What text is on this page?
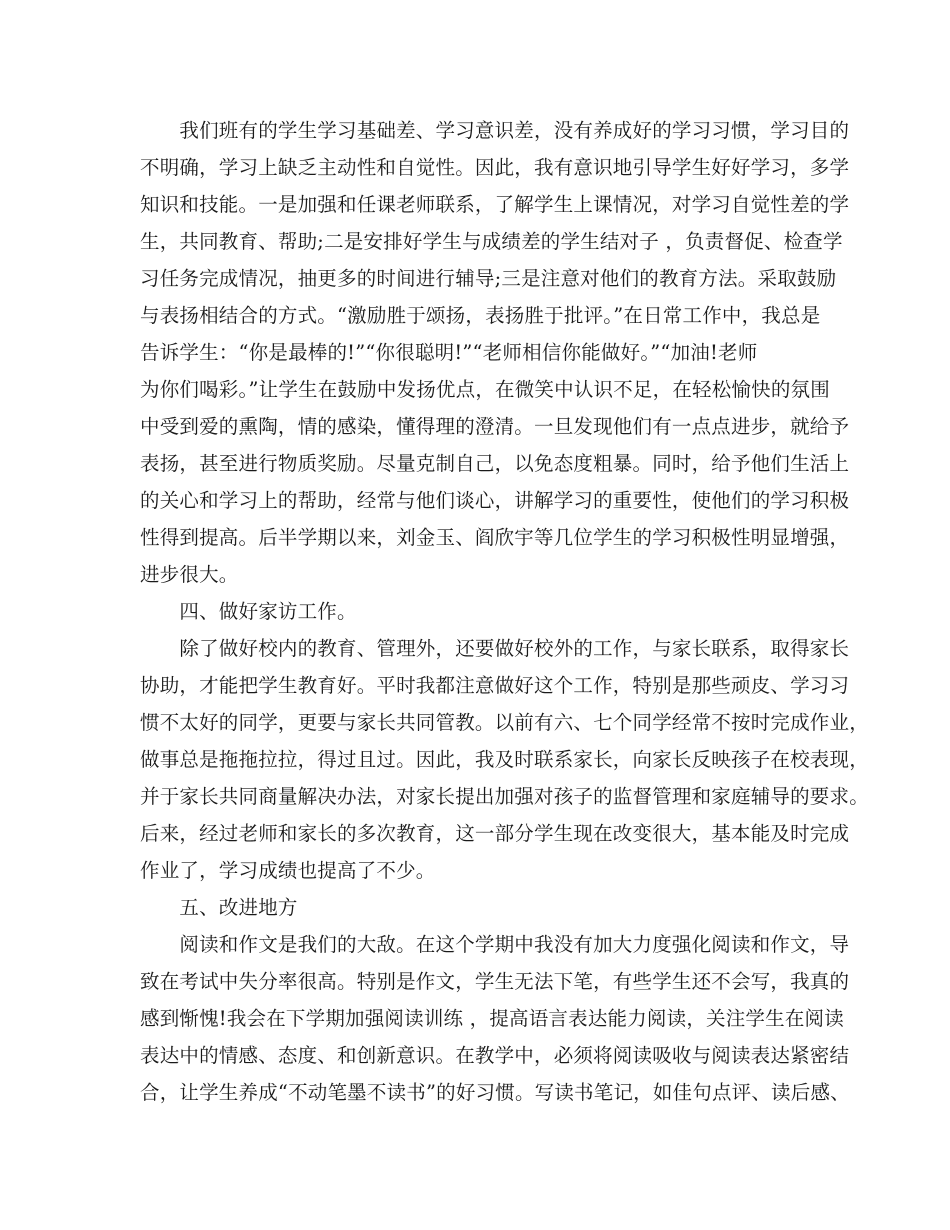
　　我们班有的学生学习基础差、学习意识差，没有养成好的学习习惯，学习目的
不明确，学习上缺乏主动性和自觉性。因此，我有意识地引导学生好好学习，多学
知识和技能。一是加强和任课老师联系，了解学生上课情况，对学习自觉性差的学
生，共同教育、帮助;二是安排好学生与成绩差的学生结对子 ，负责督促、检查学
习任务完成情况，抽更多的时间进行辅导;三是注意对他们的教育方法。采取鼓励
与表扬相结合的方式。“激励胜于颂扬，表扬胜于批评。”在日常工作中，我总是
告诉学生：“你是最棒的!”“你很聪明!”“老师相信你能做好。”“加油!老师
为你们喝彩。”让学生在鼓励中发扬优点，在微笑中认识不足，在轻松愉快的氛围
中受到爱的熏陶，情的感染，懂得理的澄清。一旦发现他们有一点点进步，就给予
表扬，甚至进行物质奖励。尽量克制自己，以免态度粗暴。同时，给予他们生活上
的关心和学习上的帮助，经常与他们谈心，讲解学习的重要性，使他们的学习积极
性得到提高。后半学期以来，刘金玉、阎欣宇等几位学生的学习积极性明显增强，
进步很大。
　　四、做好家访工作。
　　除了做好校内的教育、管理外，还要做好校外的工作，与家长联系，取得家长
协助，才能把学生教育好。平时我都注意做好这个工作，特别是那些顽皮、学习习
惯不太好的同学，更要与家长共同管教。以前有六、七个同学经常不按时完成作业，
做事总是拖拖拉拉，得过且过。因此，我及时联系家长，向家长反映孩子在校表现，
并于家长共同商量解决办法，对家长提出加强对孩子的监督管理和家庭辅导的要求。
后来，经过老师和家长的多次教育，这一部分学生现在改变很大，基本能及时完成
作业了，学习成绩也提高了不少。
　　五、改进地方
　　阅读和作文是我们的大敌。在这个学期中我没有加大力度强化阅读和作文，导
致在考试中失分率很高。特别是作文，学生无法下笔，有些学生还不会写，我真的
感到惭愧!我会在下学期加强阅读训练 ，提高语言表达能力阅读，关注学生在阅读
表达中的情感、态度、和创新意识。在教学中，必须将阅读吸收与阅读表达紧密结
合，让学生养成“不动笔墨不读书”的好习惯。写读书笔记，如佳句点评、读后感、
